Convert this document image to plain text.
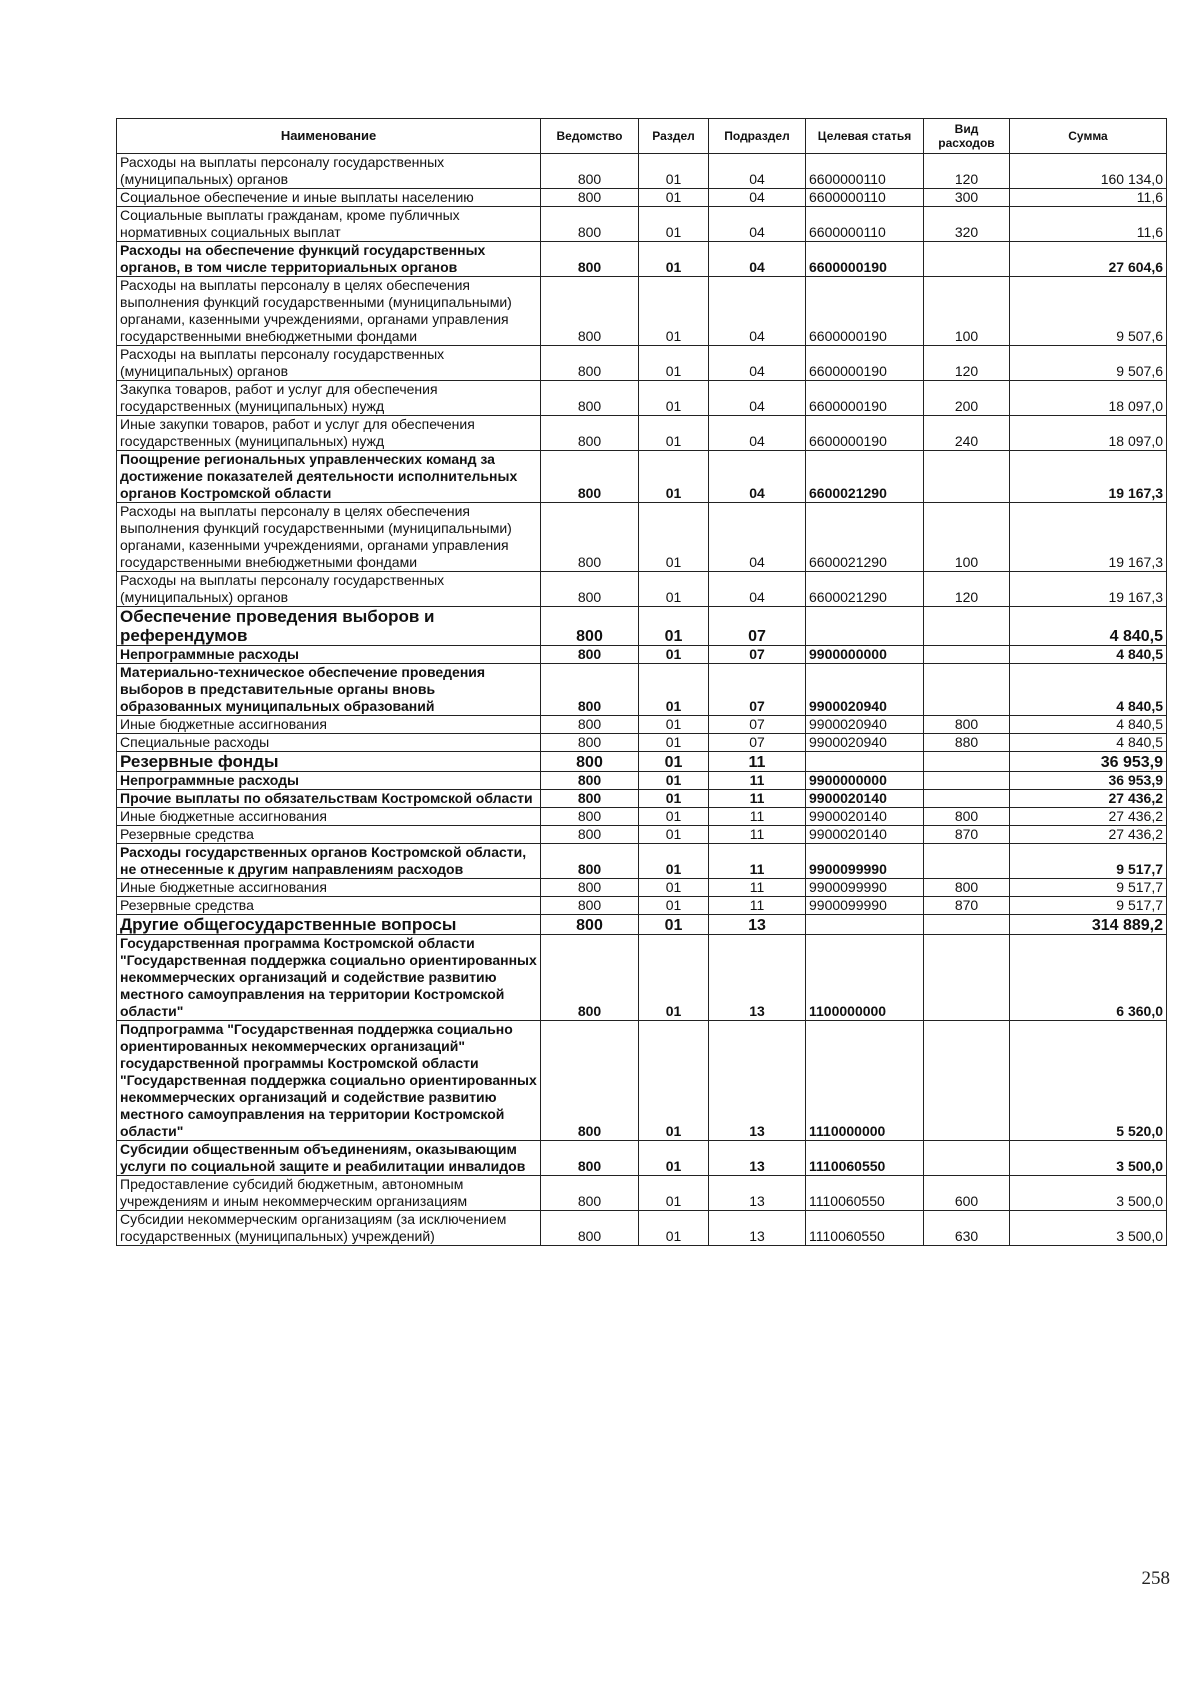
Наименование	Ведомство	Раздел	Подраздел	Целевая статья	Вид расходов	Сумма
Расходы на выплаты персоналу государственных (муниципальных) органов	800	01	04	6600000110	120	160 134,0
Социальное обеспечение и иные выплаты населению	800	01	04	6600000110	300	11,6
Социальные выплаты гражданам, кроме публичных нормативных социальных выплат	800	01	04	6600000110	320	11,6
Расходы на обеспечение функций государственных органов, в том числе территориальных органов	800	01	04	6600000190		27 604,6
Расходы на выплаты персоналу в целях обеспечения выполнения функций государственными (муниципальными) органами, казенными учреждениями, органами управления государственными внебюджетными фондами	800	01	04	6600000190	100	9 507,6
Расходы на выплаты персоналу государственных (муниципальных) органов	800	01	04	6600000190	120	9 507,6
Закупка товаров, работ и услуг для обеспечения государственных (муниципальных) нужд	800	01	04	6600000190	200	18 097,0
Иные закупки товаров, работ и услуг для обеспечения государственных (муниципальных) нужд	800	01	04	6600000190	240	18 097,0
Поощрение региональных управленческих команд за достижение показателей деятельности исполнительных органов Костромской области	800	01	04	6600021290		19 167,3
Расходы на выплаты персоналу в целях обеспечения выполнения функций государственными (муниципальными) органами, казенными учреждениями, органами управления государственными внебюджетными фондами	800	01	04	6600021290	100	19 167,3
Расходы на выплаты персоналу государственных (муниципальных) органов	800	01	04	6600021290	120	19 167,3
Обеспечение проведения выборов и референдумов	800	01	07			4 840,5
Непрограммные расходы	800	01	07	9900000000		4 840,5
Материально-техническое обеспечение проведения выборов в представительные органы вновь образованных муниципальных образований	800	01	07	9900020940		4 840,5
Иные бюджетные ассигнования	800	01	07	9900020940	800	4 840,5
Специальные расходы	800	01	07	9900020940	880	4 840,5
Резервные фонды	800	01	11			36 953,9
Непрограммные расходы	800	01	11	9900000000		36 953,9
Прочие выплаты по обязательствам Костромской области	800	01	11	9900020140		27 436,2
Иные бюджетные ассигнования	800	01	11	9900020140	800	27 436,2
Резервные средства	800	01	11	9900020140	870	27 436,2
Расходы государственных органов Костромской области, не отнесенные к другим направлениям расходов	800	01	11	9900099990		9 517,7
Иные бюджетные ассигнования	800	01	11	9900099990	800	9 517,7
Резервные средства	800	01	11	9900099990	870	9 517,7
Другие общегосударственные вопросы	800	01	13			314 889,2
Государственная программа Костромской области "Государственная поддержка социально ориентированных некоммерческих организаций и содействие развитию местного самоуправления на территории Костромской области"	800	01	13	1100000000		6 360,0
Подпрограмма "Государственная поддержка социально ориентированных некоммерческих организаций" государственной программы Костромской области "Государственная поддержка социально ориентированных некоммерческих организаций и содействие развитию местного самоуправления на территории Костромской области"	800	01	13	1110000000		5 520,0
Субсидии общественным объединениям, оказывающим услуги по социальной защите и реабилитации инвалидов	800	01	13	1110060550		3 500,0
Предоставление субсидий бюджетным, автономным учреждениям и иным некоммерческим организациям	800	01	13	1110060550	600	3 500,0
Субсидии некоммерческим организациям (за исключением государственных (муниципальных) учреждений)	800	01	13	1110060550	630	3 500,0
258
